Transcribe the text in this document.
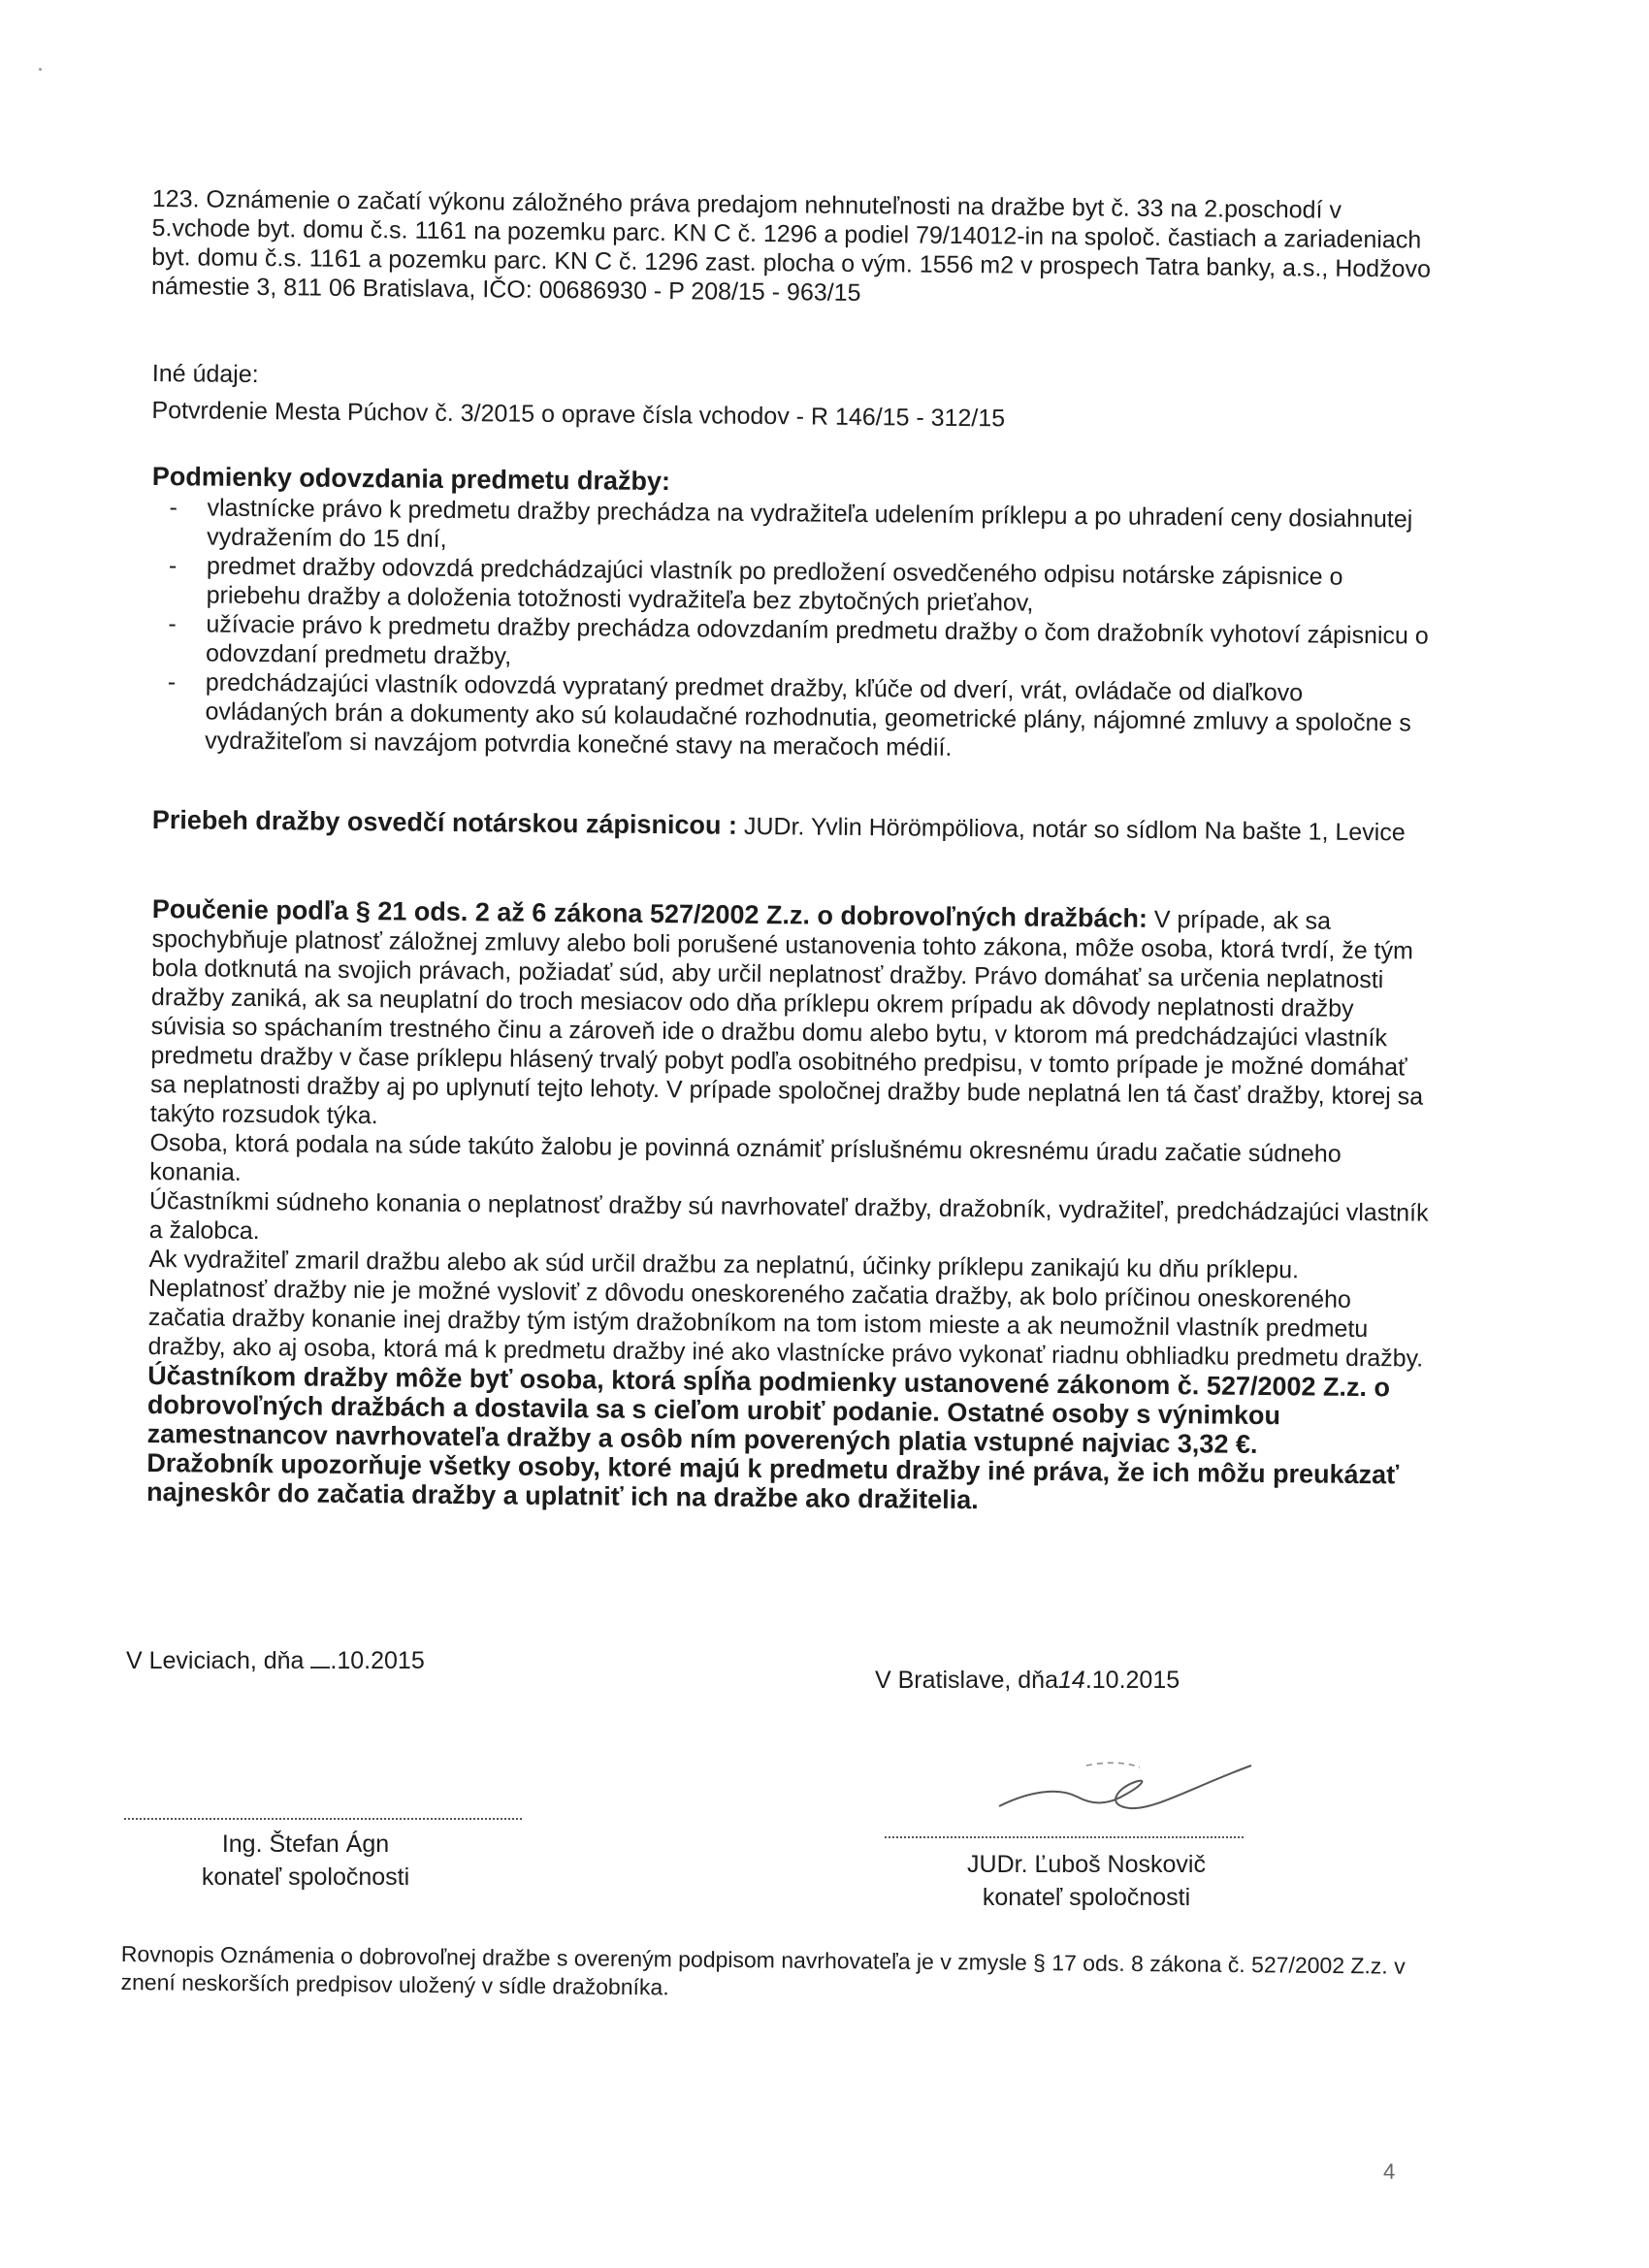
123. Oznámenie o začatí výkonu záložného práva predajom nehnuteľnosti na dražbe byt č. 33 na 2.poschodí v 5.vchode byt. domu č.s. 1161 na pozemku parc. KN C č. 1296 a podiel 79/14012-in na spoloč. častiach a zariadeniach byt. domu č.s. 1161 a pozemku parc. KN C č. 1296 zast. plocha o vým. 1556 m2 v prospech Tatra banky, a.s., Hodžovo námestie 3, 811 06 Bratislava, IČO: 00686930 - P 208/15 - 963/15

Iné údaje:

Potvrdenie Mesta Púchov č. 3/2015 o oprave čísla vchodov - R 146/15 - 312/15

Podmienky odovzdania predmetu dražby:

- vlastnícke právo k predmetu dražby prechádza na vydražiteľa udelením príklepu a po uhradení ceny dosiahnutej vydražením do 15 dní,
- predmet dražby odovzdá predchádzajúci vlastník po predložení osvedčeného odpisu notárske zápisnice o priebehu dražby a doloženia totožnosti vydražiteľa bez zbytočných prieťahov,
- užívacie právo k predmetu dražby prechádza odovzdaním predmetu dražby o čom dražobník vyhotoví zápisnicu o odovzdaní predmetu dražby,
- predchádzajúci vlastník odovzdá vypratаný predmet dražby, kľúče od dverí, vrát, ovládače od diaľkovo ovládaných brán a dokumenty ako sú kolaudačné rozhodnutia, geometrické plány, nájomné zmluvy a spoločne s vydražiteľom si navzájom potvrdia konečné stavy na meračoch médií.

Priebeh dražby osvedčí notárskou zápisnicou : JUDr. Yvlin Hörömpöliova, notár so sídlom Na bašte 1, Levice

Poučenie podľa § 21 ods. 2 až 6 zákona 527/2002 Z.z. o dobrovoľných dražbách: V prípade, ak sa spochybňuje platnosť záložnej zmluvy alebo boli porušené ustanovenia tohto zákona, môže osoba, ktorá tvrdí, že tým bola dotknutá na svojich právach, požiadať súd, aby určil neplatnosť dražby. Právo domáhať sa určenia neplatnosti dražby zaniká, ak sa neuplatní do troch mesiacov odo dňa príklepu okrem prípadu ak dôvody neplatnosti dražby súvisia so spáchaním trestného činu a zároveň ide o dražbu domu alebo bytu, v ktorom má predchádzajúci vlastník predmetu dražby v čase príklepu hlásený trvalý pobyt podľa osobitného predpisu, v tomto prípade je možné domáhať sa neplatnosti dražby aj po uplynutí tejto lehoty. V prípade spoločnej dražby bude neplatná len tá časť dražby, ktorej sa takýto rozsudok týka.

Osoba, ktorá podala na súde takúto žalobu je povinná oznámiť príslušnému okresnému úradu začatie súdneho konania.

Účastníkmi súdneho konania o neplatnosť dražby sú navrhovateľ dražby, dražobník, vydražiteľ, predchádzajúci vlastník a žalobca.

Ak vydražiteľ zmaril dražbu alebo ak súd určil dražbu za neplatnú, účinky príklepu zanikajú ku dňu príklepu.

Neplatnosť dražby nie je možné vysloviť z dôvodu oneskoreného začatia dražby, ak bolo príčinou oneskoreného začatia dražby konanie inej dražby tým istým dražobníkom na tom istom mieste a ak neumožnil vlastník predmetu dražby, ako aj osoba, ktorá má k predmetu dražby iné ako vlastnícke právo vykonať riadnu obhliadku predmetu dražby.

Účastníkom dražby môže byť osoba, ktorá spĺňa podmienky ustanovené zákonom č. 527/2002 Z.z. o dobrovoľných dražbách a dostavila sa s cieľom urobiť podanie. Ostatné osoby s výnimkou zamestnancov navrhovateľa dražby a osôb ním poverených platia vstupné najviac 3,32 €.

Dražobník upozorňuje všetky osoby, ktoré majú k predmetu dražby iné práva, že ich môžu preukázať najneskôr do začatia dražby a uplatniť ich na dražbe ako dražitelia.

V Leviciach, dňa .10.2015
V Bratislave, dňa14.10.2015
Ing. Štefan Ágn
konateľ spoločnosti	JUDr. Ľuboš Noskovič
konateľ spoločnosti

Rovnopis Oznámenia o dobrovoľnej dražbe s overeným podpisom navrhovateľa je v zmysle § 17 ods. 8 zákona č. 527/2002 Z.z. v znení neskorších predpisov uložený v sídle dražobníka.

4
